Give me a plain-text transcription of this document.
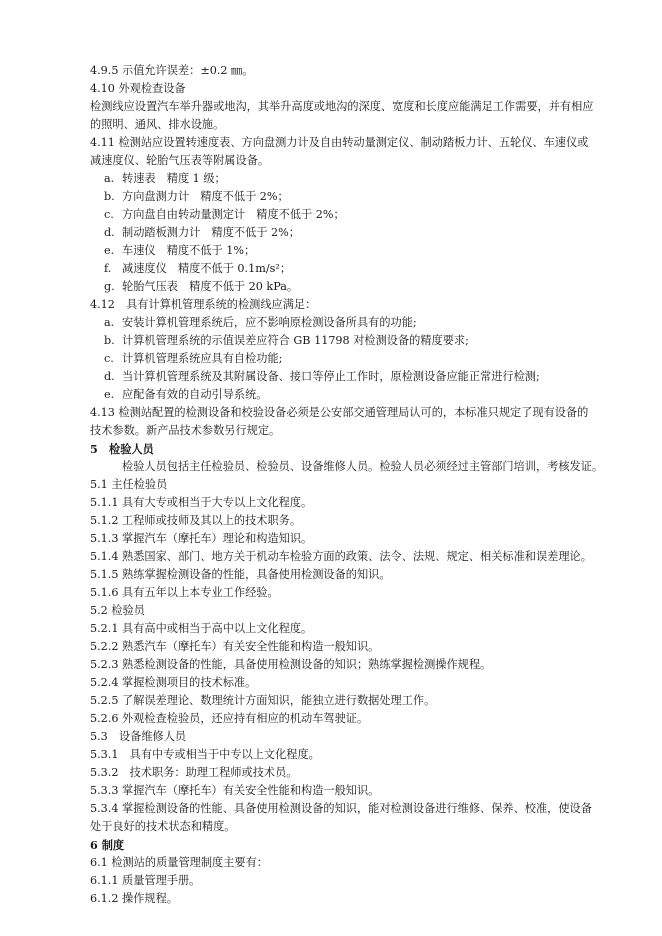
4.9.5 示值允许误差：±0.2 ㎜。
4.10 外观检查设备
检测线应设置汽车举升器或地沟，其举升高度或地沟的深度、宽度和长度应能满足工作需要，并有相应
的照明、通风、排水设施。
4.11 检测站应设置转速度表、方向盘测力计及自由转动量测定仪、制动踏板力计、五轮仪、车速仪或
减速度仪、轮胎气压表等附属设备。
a. 转速表　精度 1 级；
b. 方向盘测力计　精度不低于 2%；
c. 方向盘自由转动量测定计　精度不低于 2%；
d. 制动踏板测力计　精度不低于 2%；
e. 车速仪　精度不低于 1%；
f. 减速度仪　精度不低于 0.1m/s²；
g. 轮胎气压表　精度不低于 20 kPa。
4.12　具有计算机管理系统的检测线应满足：
a. 安装计算机管理系统后，应不影响原检测设备所具有的功能;
b. 计算机管理系统的示值误差应符合 GB 11798 对检测设备的精度要求;
c. 计算机管理系统应具有自检功能;
d. 当计算机管理系统及其附属设备、接口等停止工作时，原检测设备应能正常进行检测;
e. 应配备有效的自动引导系统。
4.13 检测站配置的检测设备和校验设备必须是公安部交通管理局认可的，本标准只规定了现有设备的
技术参数。新产品技术参数另行规定。
5　 检验人员
检验人员包括主任检验员、检验员、设备维修人员。检验人员必须经过主管部门培训，考核发证。
5.1 主任检验员
5.1.1 具有大专或相当于大专以上文化程度。
5.1.2 工程师或技师及其以上的技术职务。
5.1.3 掌握汽车（摩托车）理论和构造知识。
5.1.4 熟悉国家、部门、地方关于机动车检验方面的政策、法令、法规、规定、相关标准和误差理论。
5.1.5 熟练掌握检测设备的性能，具备使用检测设备的知识。
5.1.6 具有五年以上本专业工作经验。
5.2 检验员
5.2.1 具有高中或相当于高中以上文化程度。
5.2.2 熟悉汽车（摩托车）有关安全性能和构造一般知识。
5.2.3 熟悉检测设备的性能，具备使用检测设备的知识；熟练掌握检测操作规程。
5.2.4 掌握检测项目的技术标准。
5.2.5 了解误差理论、数理统计方面知识，能独立进行数据处理工作。
5.2.6 外观检查检验员，还应持有相应的机动车驾驶证。
5.3　设备维修人员
5.3.1　具有中专或相当于中专以上文化程度。
5.3.2　技术职务：助理工程师或技术员。
5.3.3 掌握汽车（摩托车）有关安全性能和构造一般知识。
5.3.4 掌握检测设备的性能、具备使用检测设备的知识，能对检测设备进行维修、保养、校准，使设备
处于良好的技术状态和精度。
6 制度
6.1 检测站的质量管理制度主要有：
6.1.1 质量管理手册。
6.1.2 操作规程。
